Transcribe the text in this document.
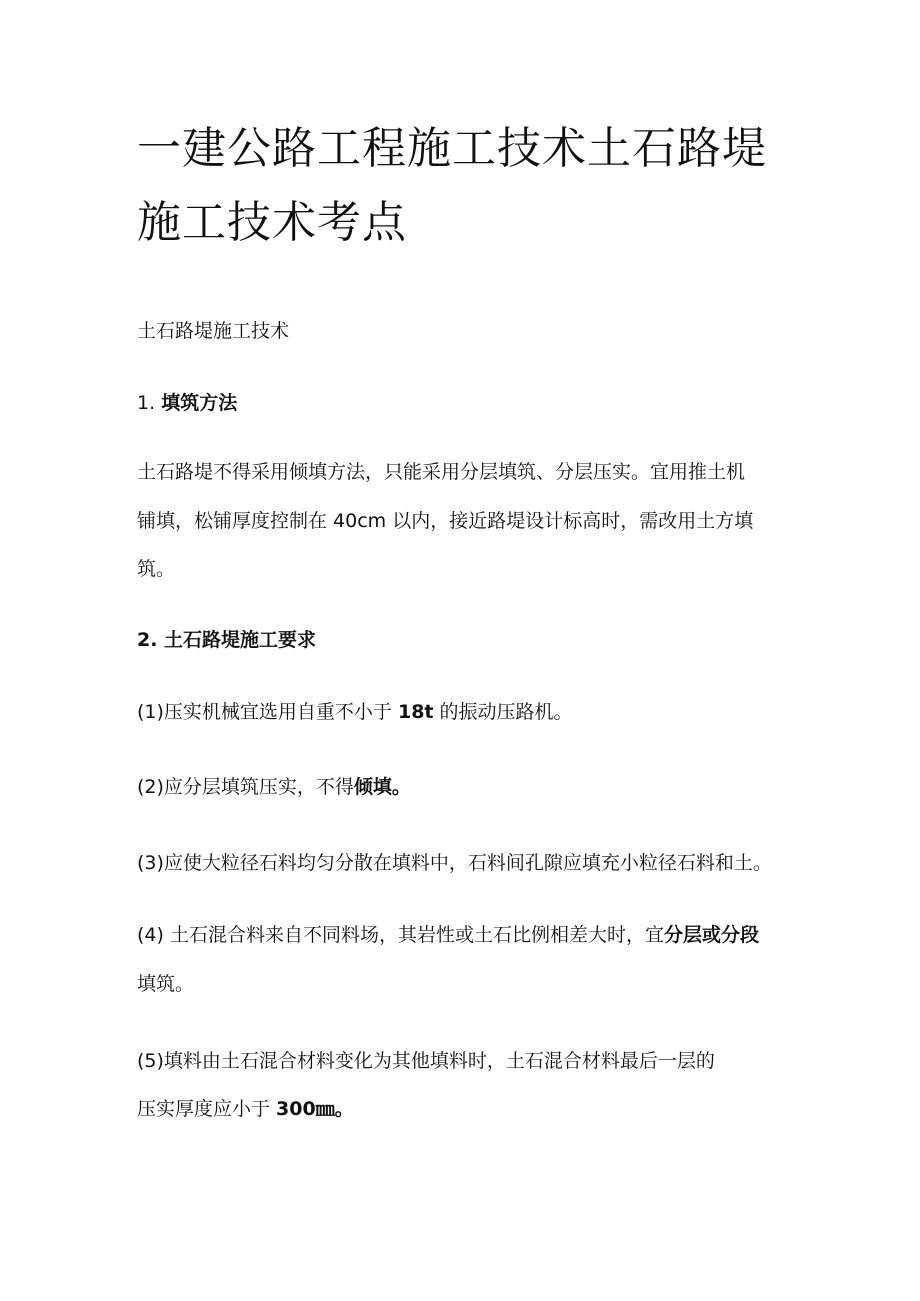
一建公路工程施工技术土石路堤
施工技术考点
土石路堤施工技术
1. 填筑方法
土石路堤不得采用倾填方法，只能采用分层填筑、分层压实。宜用推土机
铺填，松铺厚度控制在 40cm 以内，接近路堤设计标高时，需改用土方填
筑。
2. 土石路堤施工要求
(1)压实机械宜选用自重不小于 18t 的振动压路机。
(2)应分层填筑压实，不得倾填。
(3)应使大粒径石料均匀分散在填料中，石料间孔隙应填充小粒径石料和土。
(4) 土石混合料来自不同料场，其岩性或土石比例相差大时，宜分层或分段
填筑。
(5)填料由土石混合材料变化为其他填料时，土石混合材料最后一层的
压实厚度应小于 300㎜。
